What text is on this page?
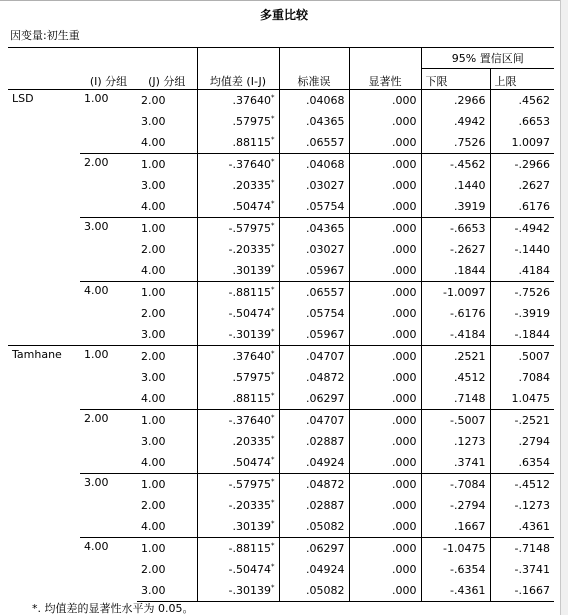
多重比较
因变量:初生重
	(I) 分组	(J) 分组	均值差 (I-J)	标准误	显著性	95% 置信区间	
						下限	上限
LSD	1.00	2.00	.37640*	.04068	.000	.2966	.4562
		3.00	.57975*	.04365	.000	.4942	.6653
		4.00	.88115*	.06557	.000	.7526	1.0097
	2.00	1.00	-.37640*	.04068	.000	-.4562	-.2966
		3.00	.20335*	.03027	.000	.1440	.2627
		4.00	.50474*	.05754	.000	.3919	.6176
	3.00	1.00	-.57975*	.04365	.000	-.6653	-.4942
		2.00	-.20335*	.03027	.000	-.2627	-.1440
		4.00	.30139*	.05967	.000	.1844	.4184
	4.00	1.00	-.88115*	.06557	.000	-1.0097	-.7526
		2.00	-.50474*	.05754	.000	-.6176	-.3919
		3.00	-.30139*	.05967	.000	-.4184	-.1844
Tamhane	1.00	2.00	.37640*	.04707	.000	.2521	.5007
		3.00	.57975*	.04872	.000	.4512	.7084
		4.00	.88115*	.06297	.000	.7148	1.0475
	2.00	1.00	-.37640*	.04707	.000	-.5007	-.2521
		3.00	.20335*	.02887	.000	.1273	.2794
		4.00	.50474*	.04924	.000	.3741	.6354
	3.00	1.00	-.57975*	.04872	.000	-.7084	-.4512
		2.00	-.20335*	.02887	.000	-.2794	-.1273
		4.00	.30139*	.05082	.000	.1667	.4361
	4.00	1.00	-.88115*	.06297	.000	-1.0475	-.7148
		2.00	-.50474*	.04924	.000	-.6354	-.3741
		3.00	-.30139*	.05082	.000	-.4361	-.1667
*. 均值差的显著性水平为 0.05。
